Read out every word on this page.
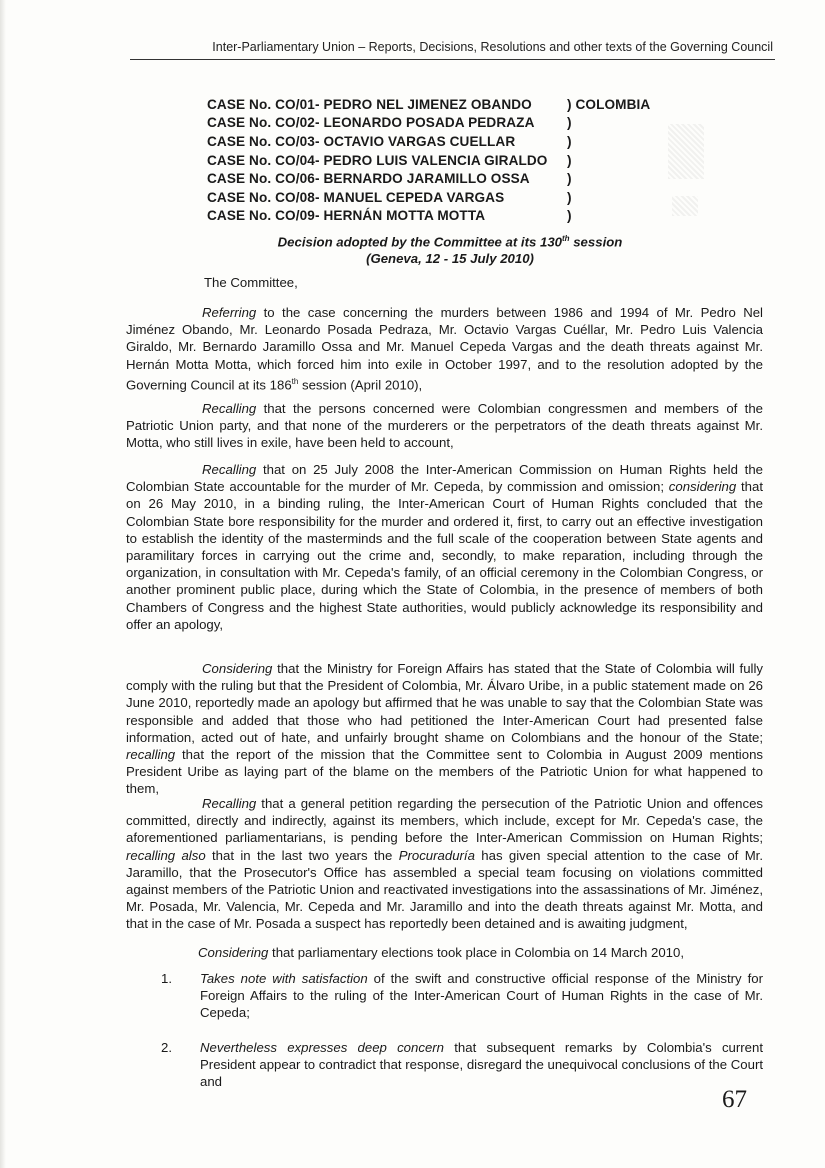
Inter-Parliamentary Union – Reports, Decisions, Resolutions and other texts of the Governing Council
CASE No. CO/01 - PEDRO NEL JIMENEZ OBANDO	) COLOMBIA
CASE No. CO/02 - LEONARDO POSADA PEDRAZA	)
CASE No. CO/03 - OCTAVIO VARGAS CUELLAR	)
CASE No. CO/04 - PEDRO LUIS VALENCIA GIRALDO	)
CASE No. CO/06 - BERNARDO JARAMILLO OSSA	)
CASE No. CO/08 - MANUEL CEPEDA VARGAS	)
CASE No. CO/09 - HERNÁN MOTTA MOTTA	)
Decision adopted by the Committee at its 130th session
(Geneva, 12 - 15 July 2010)
The Committee,

Referring to the case concerning the murders between 1986 and 1994 of Mr. Pedro Nel Jiménez Obando, Mr. Leonardo Posada Pedraza, Mr. Octavio Vargas Cuéllar, Mr. Pedro Luis Valencia Giraldo, Mr. Bernardo Jaramillo Ossa and Mr. Manuel Cepeda Vargas and the death threats against Mr. Hernán Motta Motta, which forced him into exile in October 1997, and to the resolution adopted by the Governing Council at its 186th session (April 2010),

Recalling that the persons concerned were Colombian congressmen and members of the Patriotic Union party, and that none of the murderers or the perpetrators of the death threats against Mr. Motta, who still lives in exile, have been held to account,

Recalling that on 25 July 2008 the Inter-American Commission on Human Rights held the Colombian State accountable for the murder of Mr. Cepeda, by commission and omission; considering that on 26 May 2010, in a binding ruling, the Inter-American Court of Human Rights concluded that the Colombian State bore responsibility for the murder and ordered it, first, to carry out an effective investigation to establish the identity of the masterminds and the full scale of the cooperation between State agents and paramilitary forces in carrying out the crime and, secondly, to make reparation, including through the organization, in consultation with Mr. Cepeda's family, of an official ceremony in the Colombian Congress, or another prominent public place, during which the State of Colombia, in the presence of members of both Chambers of Congress and the highest State authorities, would publicly acknowledge its responsibility and offer an apology,

Considering that the Ministry for Foreign Affairs has stated that the State of Colombia will fully comply with the ruling but that the President of Colombia, Mr. Álvaro Uribe, in a public statement made on 26 June 2010, reportedly made an apology but affirmed that he was unable to say that the Colombian State was responsible and added that those who had petitioned the Inter-American Court had presented false information, acted out of hate, and unfairly brought shame on Colombians and the honour of the State; recalling that the report of the mission that the Committee sent to Colombia in August 2009 mentions President Uribe as laying part of the blame on the members of the Patriotic Union for what happened to them,

Recalling that a general petition regarding the persecution of the Patriotic Union and offences committed, directly and indirectly, against its members, which include, except for Mr. Cepeda's case, the aforementioned parliamentarians, is pending before the Inter-American Commission on Human Rights; recalling also that in the last two years the Procuraduría has given special attention to the case of Mr. Jaramillo, that the Prosecutor's Office has assembled a special team focusing on violations committed against members of the Patriotic Union and reactivated investigations into the assassinations of Mr. Jiménez, Mr. Posada, Mr. Valencia, Mr. Cepeda and Mr. Jaramillo and into the death threats against Mr. Motta, and that in the case of Mr. Posada a suspect has reportedly been detained and is awaiting judgment,

Considering that parliamentary elections took place in Colombia on 14 March 2010,

1.	Takes note with satisfaction of the swift and constructive official response of the Ministry for Foreign Affairs to the ruling of the Inter-American Court of Human Rights in the case of Mr. Cepeda;
2.	Nevertheless expresses deep concern that subsequent remarks by Colombia's current President appear to contradict that response, disregard the unequivocal conclusions of the Court and
67
